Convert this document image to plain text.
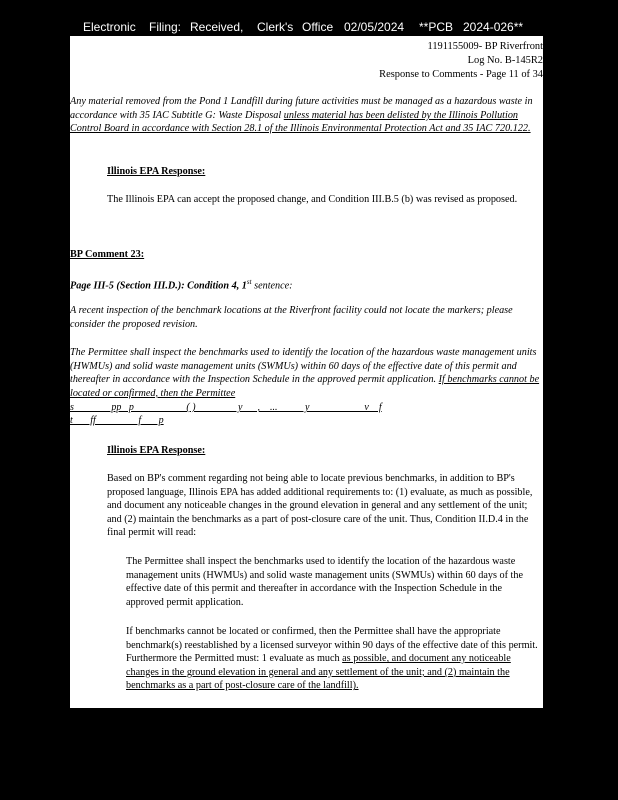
Electronic Filing: Received, Clerk's Office 02/05/2024 **PCB 2024-026**
1191155009- BP Riverfront
Log No. B-145R2
Response to Comments - Page 11 of 34
Any material removed from the Pond 1 Landfill during future activities must be managed as a hazardous waste in accordance with 35 IAC Subtitle G: Waste Disposal unless material has been delisted by the Illinois Pollution Control Board in accordance with Section 28.1 of the Illinois Environmental Protection Act and 35 IAC 720.122.
Illinois EPA Response:
The Illinois EPA can accept the proposed change, and Condition III.B.5 (b) was revised as proposed.
BP Comment 23:
Page III-5 (Section III.D.): Condition 4, 1st sentence:
A recent inspection of the benchmark locations at the Riverfront facility could not locate the markers; please consider the proposed revision.
The Permittee shall inspect the benchmarks used to identify the location of the hazardous waste management units (HWMUs) and solid waste management units (SWMUs) within 60 days of the effective date of this permit and thereafter in accordance with the Inspection Schedule in the approved permit application. If benchmarks cannot be located or confirmed, then the Permittee
s               pp   p                     ( )                 y      ,    ...           y                      v    f
t       ff                 f       p
Illinois EPA Response:
Based on BP's comment regarding not being able to locate previous benchmarks, in addition to BP's proposed language, Illinois EPA has added additional requirements to: (1) evaluate, as much as possible, and document any noticeable changes in the ground elevation in general and any settlement of the unit; and (2) maintain the benchmarks as a part of post-closure care of the unit. Thus, Condition II.D.4 in the final permit will read:
The Permittee shall inspect the benchmarks used to identify the location of the hazardous waste management units (HWMUs) and solid waste management units (SWMUs) within 60 days of the effective date of this permit and thereafter in accordance with the Inspection Schedule in the approved permit application.
If benchmarks cannot be located or confirmed, then the Permittee shall have the appropriate benchmark(s) reestablished by a licensed surveyor within 90 days of the effective date of this permit. Furthermore the Permitted must: 1 evaluate as much as possible, and document any noticeable changes in the ground elevation in general and any settlement of the unit; and (2) maintain the benchmarks as a part of post-closure care of the landfill).
